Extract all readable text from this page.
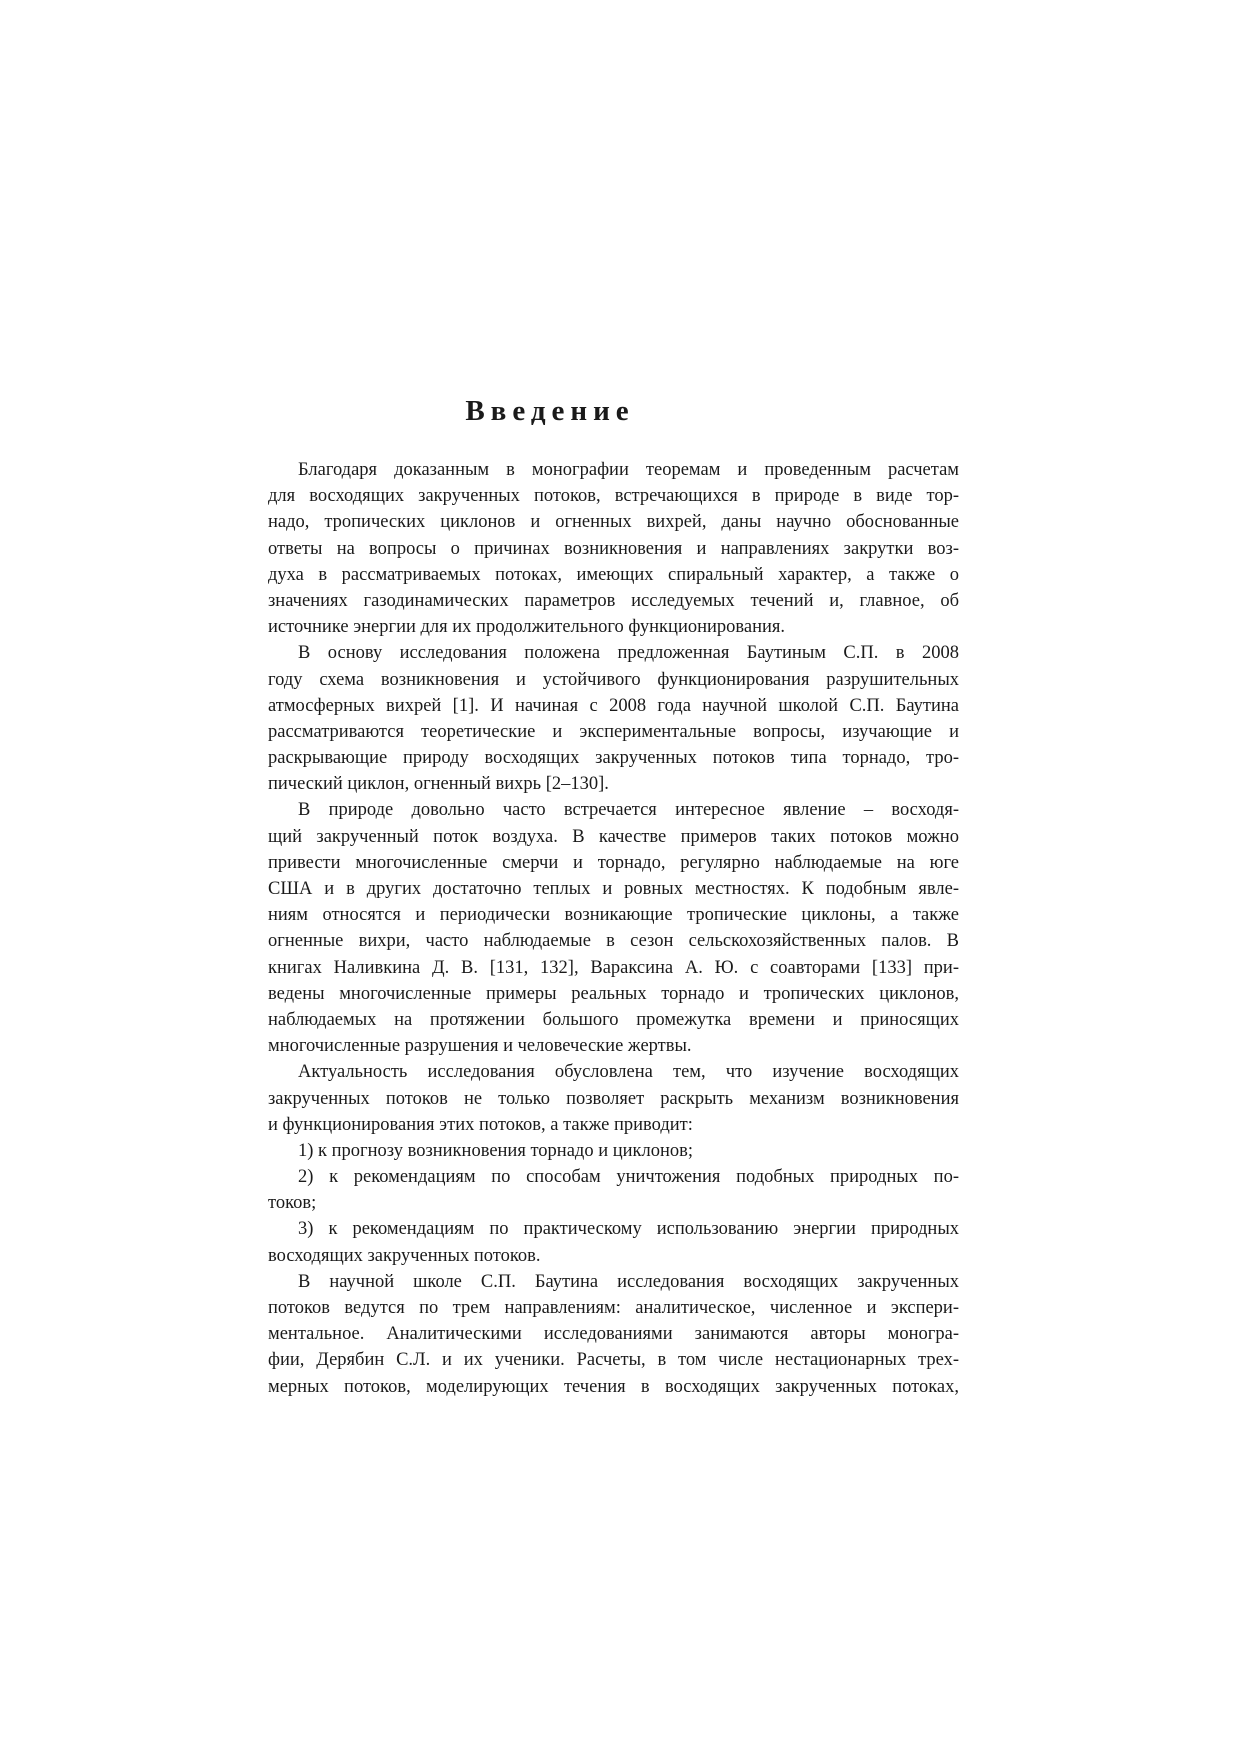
Введение
Благодаря доказанным в монографии теоремам и проведенным расчетам
для восходящих закрученных потоков, встречающихся в природе в виде тор-
надо, тропических циклонов и огненных вихрей, даны научно обоснованные
ответы на вопросы о причинах возникновения и направлениях закрутки воз-
духа в рассматриваемых потоках, имеющих спиральный характер, а также о
значениях газодинамических параметров исследуемых течений и, главное, об
источнике энергии для их продолжительного функционирования.
В основу исследования положена предложенная Баутиным С.П. в 2008
году схема возникновения и устойчивого функционирования разрушительных
атмосферных вихрей [1]. И начиная с 2008 года научной школой С.П. Баутина
рассматриваются теоретические и экспериментальные вопросы, изучающие и
раскрывающие природу восходящих закрученных потоков типа торнадо, тро-
пический циклон, огненный вихрь [2–130].
В природе довольно часто встречается интересное явление – восходя-
щий закрученный поток воздуха. В качестве примеров таких потоков можно
привести многочисленные смерчи и торнадо, регулярно наблюдаемые на юге
США и в других достаточно теплых и ровных местностях. К подобным явле-
ниям относятся и периодически возникающие тропические циклоны, а также
огненные вихри, часто наблюдаемые в сезон сельскохозяйственных палов. В
книгах Наливкина Д. В. [131, 132], Вараксина А. Ю. с соавторами [133] при-
ведены многочисленные примеры реальных торнадо и тропических циклонов,
наблюдаемых на протяжении большого промежутка времени и приносящих
многочисленные разрушения и человеческие жертвы.
Актуальность исследования обусловлена тем, что изучение восходящих
закрученных потоков не только позволяет раскрыть механизм возникновения
и функционирования этих потоков, а также приводит:
1) к прогнозу возникновения торнадо и циклонов;
2) к рекомендациям по способам уничтожения подобных природных по-
токов;
3) к рекомендациям по практическому использованию энергии природных
восходящих закрученных потоков.
В научной школе С.П. Баутина исследования восходящих закрученных
потоков ведутся по трем направлениям: аналитическое, численное и экспери-
ментальное. Аналитическими исследованиями занимаются авторы моногра-
фии, Дерябин С.Л. и их ученики. Расчеты, в том числе нестационарных трех-
мерных потоков, моделирующих течения в восходящих закрученных потоках,
